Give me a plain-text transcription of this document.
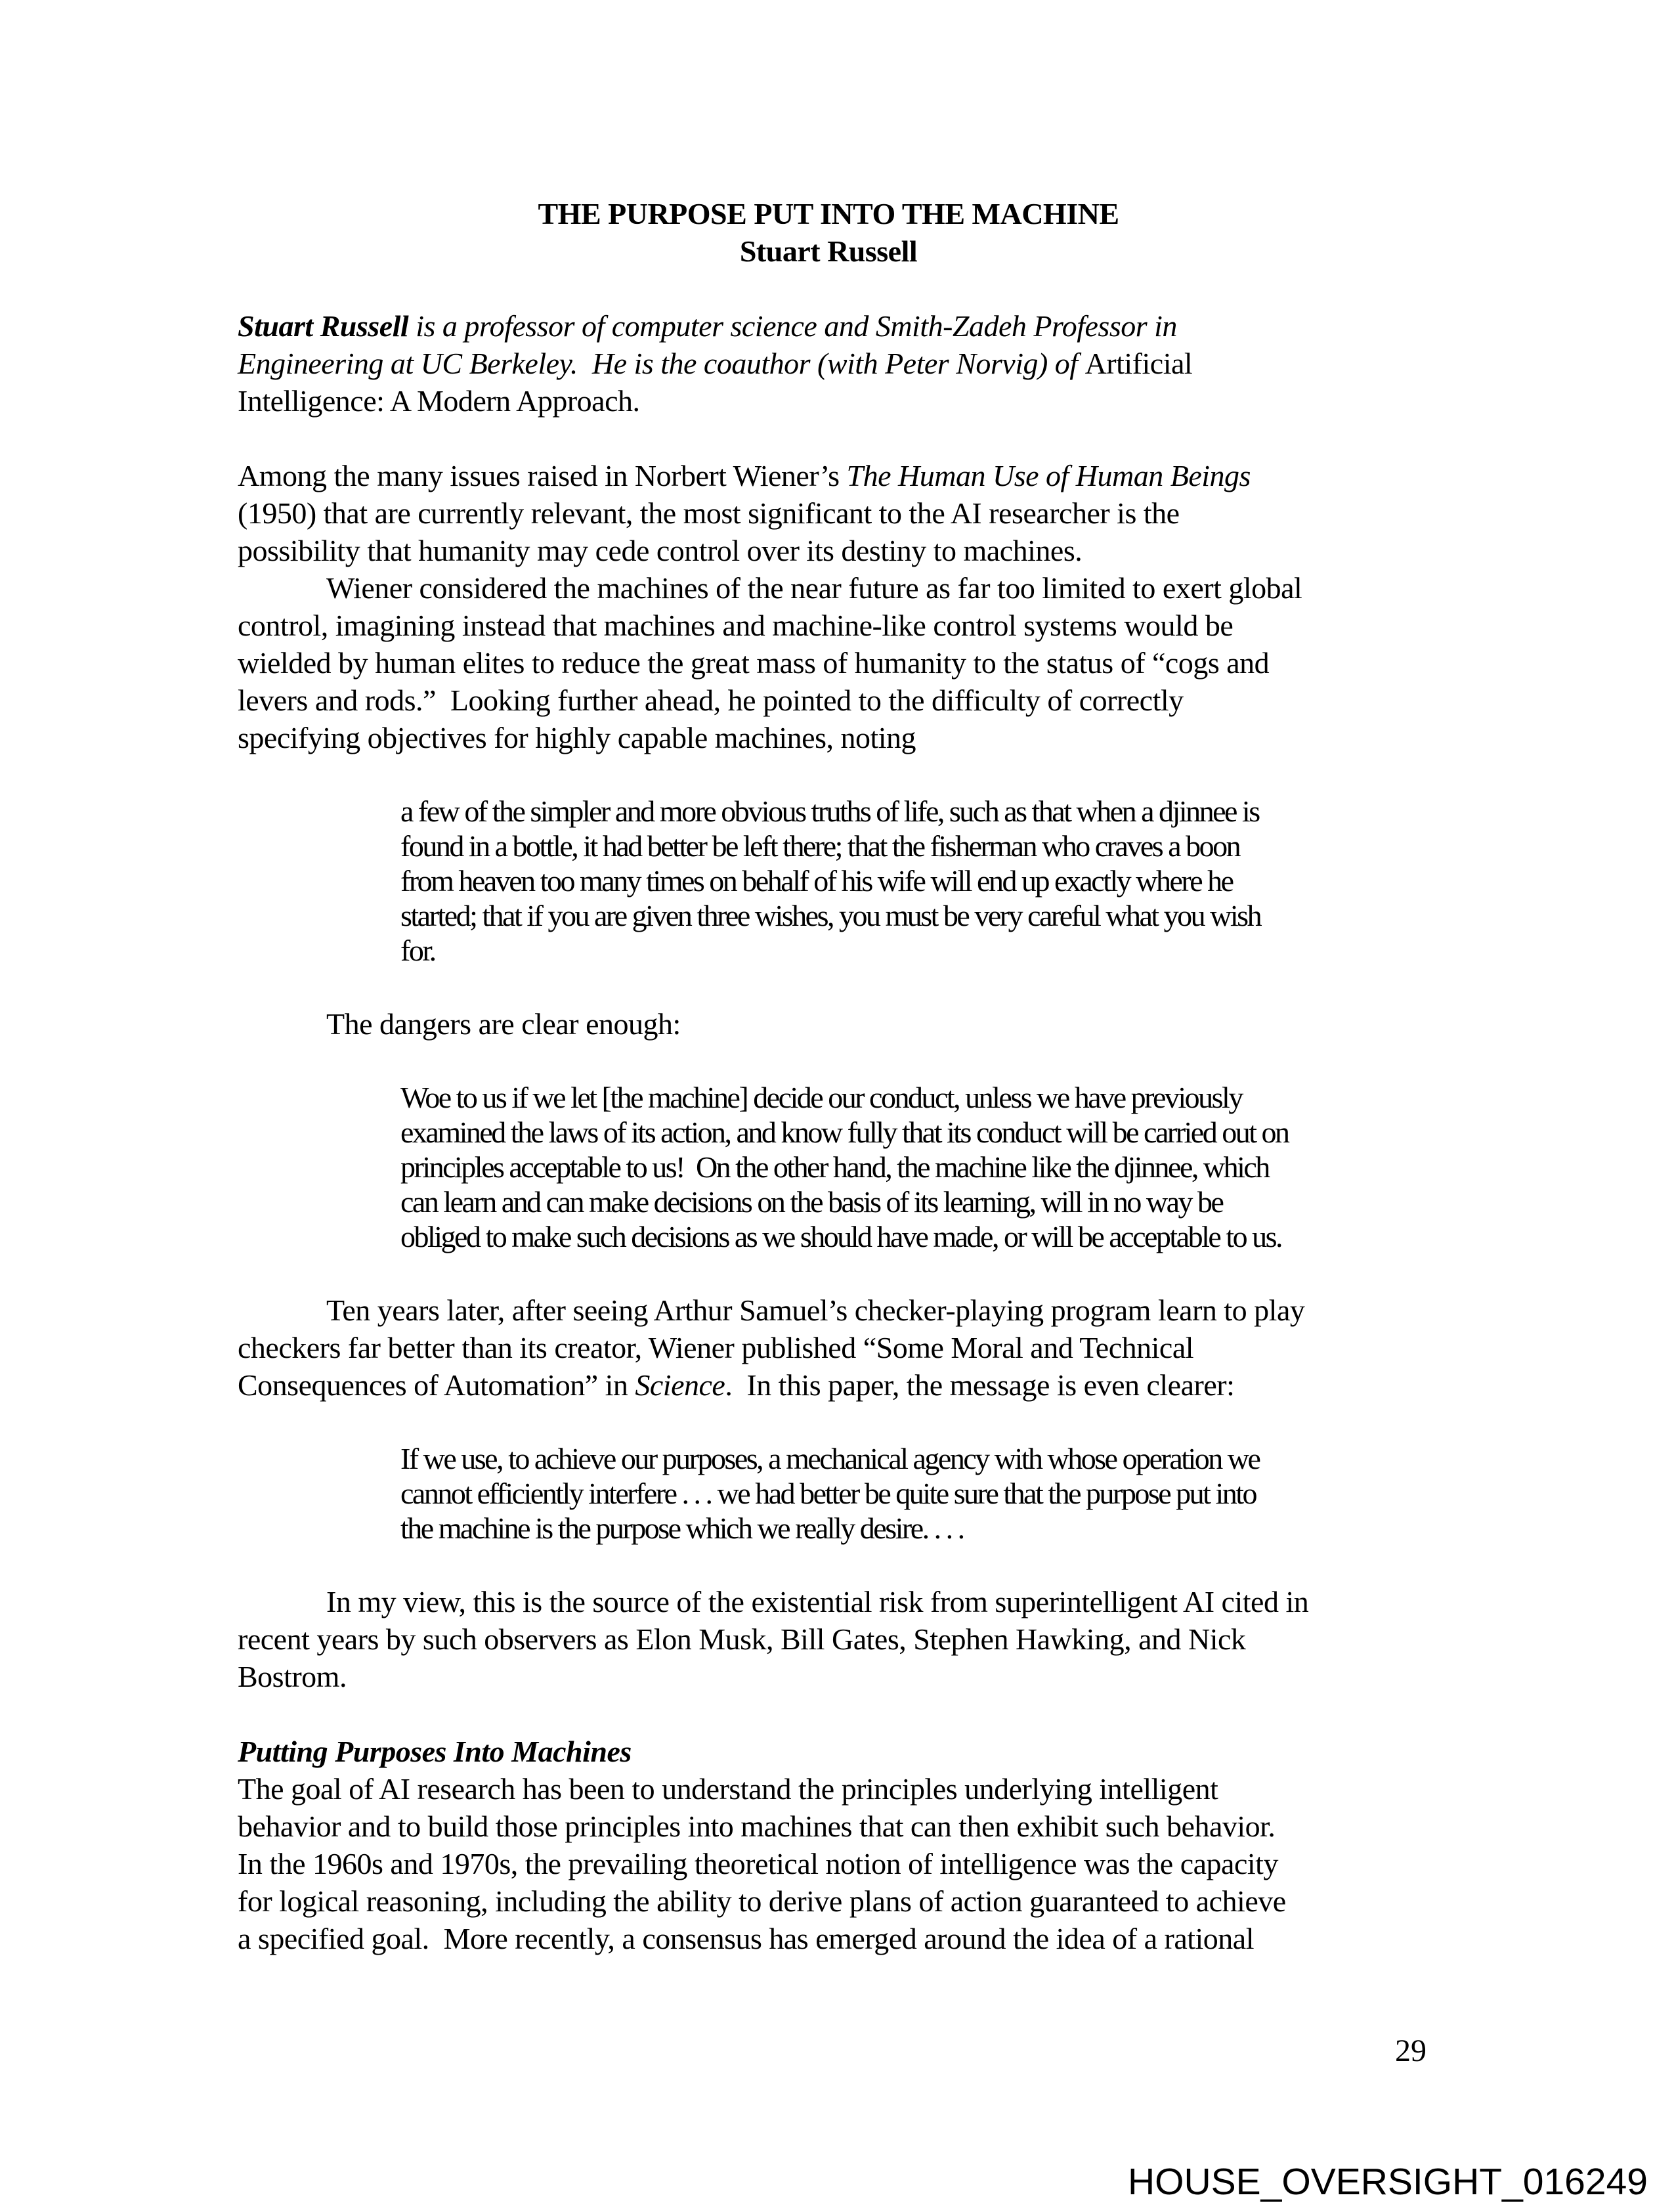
THE PURPOSE PUT INTO THE MACHINE
Stuart Russell
Stuart Russell is a professor of computer science and Smith-Zadeh Professor in
Engineering at UC Berkeley.  He is the coauthor (with Peter Norvig) of Artificial
Intelligence: A Modern Approach.
Among the many issues raised in Norbert Wiener’s The Human Use of Human Beings
(1950) that are currently relevant, the most significant to the AI researcher is the
possibility that humanity may cede control over its destiny to machines.
Wiener considered the machines of the near future as far too limited to exert global
control, imagining instead that machines and machine-like control systems would be
wielded by human elites to reduce the great mass of humanity to the status of “cogs and
levers and rods.”  Looking further ahead, he pointed to the difficulty of correctly
specifying objectives for highly capable machines, noting
a few of the simpler and more obvious truths of life, such as that when a djinnee is
found in a bottle, it had better be left there; that the fisherman who craves a boon
from heaven too many times on behalf of his wife will end up exactly where he
started; that if you are given three wishes, you must be very careful what you wish
for.
The dangers are clear enough:
Woe to us if we let [the machine] decide our conduct, unless we have previously
examined the laws of its action, and know fully that its conduct will be carried out on
principles acceptable to us!  On the other hand, the machine like the djinnee, which
can learn and can make decisions on the basis of its learning, will in no way be
obliged to make such decisions as we should have made, or will be acceptable to us.
Ten years later, after seeing Arthur Samuel’s checker-playing program learn to play
checkers far better than its creator, Wiener published “Some Moral and Technical
Consequences of Automation” in Science.  In this paper, the message is even clearer:
If we use, to achieve our purposes, a mechanical agency with whose operation we
cannot efficiently interfere . . . we had better be quite sure that the purpose put into
the machine is the purpose which we really desire. . . .
In my view, this is the source of the existential risk from superintelligent AI cited in
recent years by such observers as Elon Musk, Bill Gates, Stephen Hawking, and Nick
Bostrom.
Putting Purposes Into Machines
The goal of AI research has been to understand the principles underlying intelligent
behavior and to build those principles into machines that can then exhibit such behavior.
In the 1960s and 1970s, the prevailing theoretical notion of intelligence was the capacity
for logical reasoning, including the ability to derive plans of action guaranteed to achieve
a specified goal.  More recently, a consensus has emerged around the idea of a rational
29
HOUSE_OVERSIGHT_016249
